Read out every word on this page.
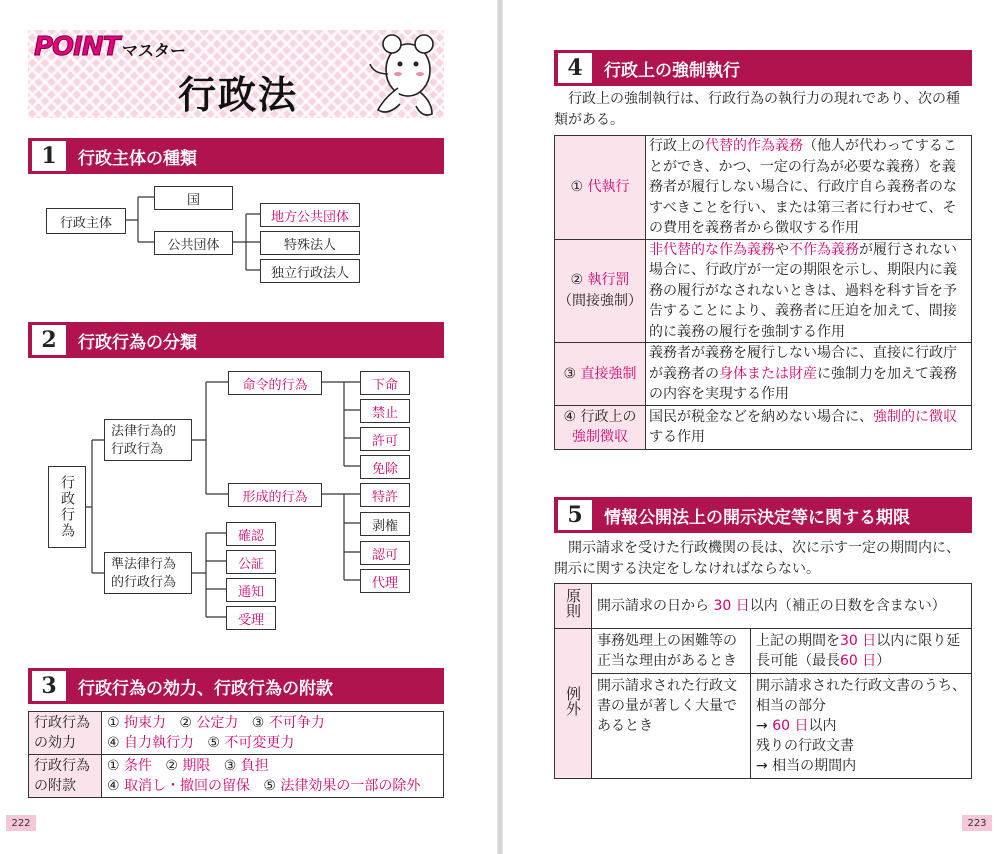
POINT マスター
行政法
1	行政主体の種類
行政主体
国
公共団体
地方公共団体
特殊法人
独立行政法人
2	行政行為の分類
行政行為
法律行為的行政行為
準法律行為的行政行為
命令的行為
形成的行為
下命
禁止
許可
免除
特許
剥権
認可
代理
確認
公証
通知
受理
3	行政行為の効力、行政行為の附款
行政行為の効力	① 拘束力 ② 公定力 ③ 不可争力
④ 自力執行力 ⑤ 不可変更力

行政行為の附款	① 条件 ② 期限 ③ 負担
④ 取消し・撤回の留保 ⑤ 法律効果の一部の除外
222
4	行政上の強制執行
行政上の強制執行は、行政行為の執行力の現れであり、次の種類がある。
① 代執行	行政上の代替的作為義務（他人が代わってすることができ、かつ、一定の行為が必要な義務）を義務者が履行しない場合に、行政庁自ら義務者のなすべきことを行い、または第三者に行わせて、その費用を義務者から徴収する作用
② 執行罰
（間接強制）	非代替的な作為義務や不作為義務が履行されない場合に、行政庁が一定の期限を示し、期限内に義務の履行がなされないときは、過料を科す旨を予告することにより、義務者に圧迫を加えて、間接的に義務の履行を強制する作用
③ 直接強制	義務者が義務を履行しない場合に、直接に行政庁が義務者の身体または財産に強制力を加えて義務の内容を実現する作用
④ 行政上の
強制徴収	国民が税金などを納めない場合に、強制的に徴収する作用
5	情報公開法上の開示決定等に関する期限
開示請求を受けた行政機関の長は、次に示す一定の期間内に、開示に関する決定をしなければならない。
原則	開示請求の日から 30 日以内（補正の日数を含まない）	
例外	事務処理上の困難等の正当な理由があるとき	上記の期間を30 日以内に限り延長可能（最長60 日）
	開示請求された行政文書の量が著しく大量であるとき	開示請求された行政文書のうち、相当の部分
→ 60 日以内
残りの行政文書
→ 相当の期間内
223
